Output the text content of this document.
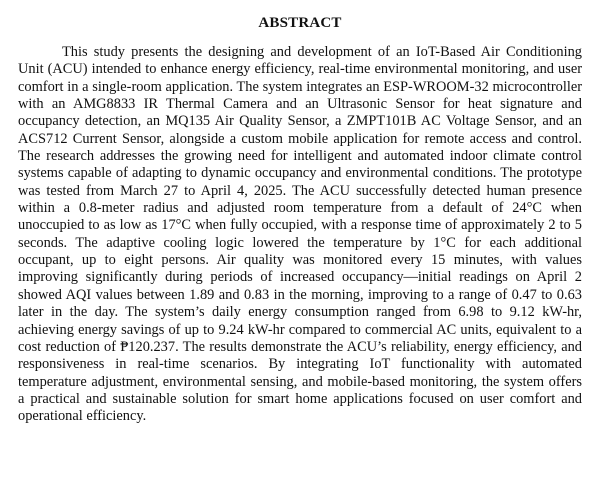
ABSTRACT

This study presents the designing and development of an IoT-Based Air Conditioning Unit (ACU) intended to enhance energy efficiency, real-time environmental monitoring, and user comfort in a single-room application. The system integrates an ESP-WROOM-32 microcontroller with an AMG8833 IR Thermal Camera and an Ultrasonic Sensor for heat signature and occupancy detection, an MQ135 Air Quality Sensor, a ZMPT101B AC Voltage Sensor, and an ACS712 Current Sensor, alongside a custom mobile application for remote access and control. The research addresses the growing need for intelligent and automated indoor climate control systems capable of adapting to dynamic occupancy and environmental conditions. The prototype was tested from March 27 to April 4, 2025. The ACU successfully detected human presence within a 0.8-meter radius and adjusted room temperature from a default of 24°C when unoccupied to as low as 17°C when fully occupied, with a response time of approximately 2 to 5 seconds. The adaptive cooling logic lowered the temperature by 1°C for each additional occupant, up to eight persons. Air quality was monitored every 15 minutes, with values improving significantly during periods of increased occupancy—initial readings on April 2 showed AQI values between 1.89 and 0.83 in the morning, improving to a range of 0.47 to 0.63 later in the day. The system’s daily energy consumption ranged from 6.98 to 9.12 kW-hr, achieving energy savings of up to 9.24 kW-hr compared to commercial AC units, equivalent to a cost reduction of ₱120.237. The results demonstrate the ACU’s reliability, energy efficiency, and responsiveness in real-time scenarios. By integrating IoT functionality with automated temperature adjustment, environmental sensing, and mobile-based monitoring, the system offers a practical and sustainable solution for smart home applications focused on user comfort and operational efficiency.
